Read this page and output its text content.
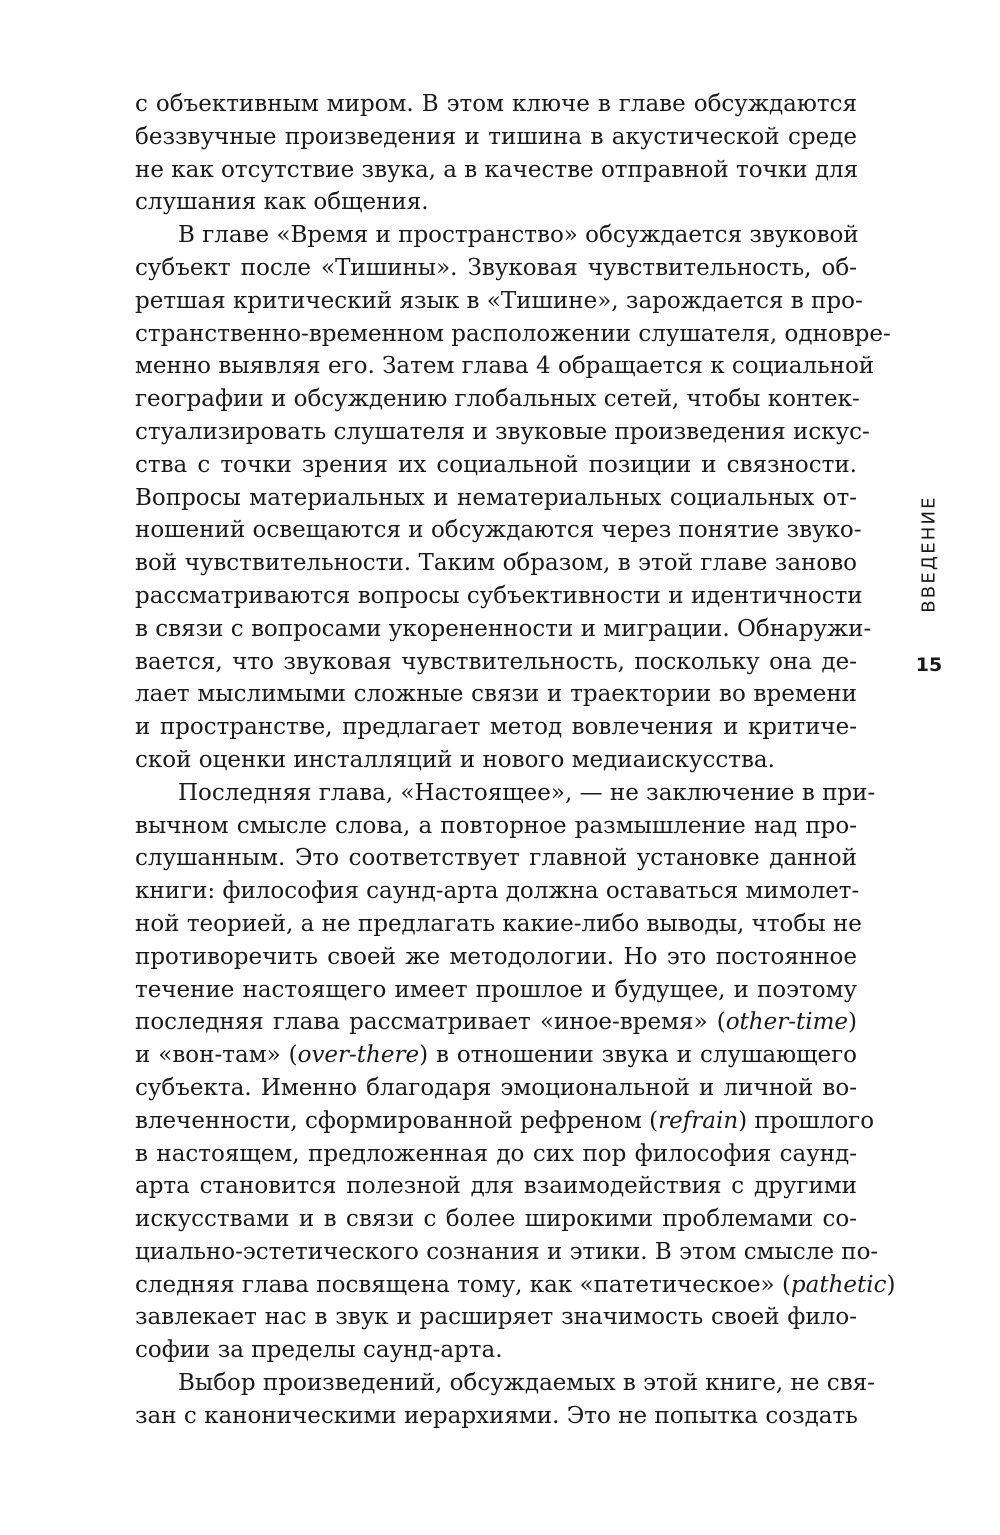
с объективным миром. В этом ключе в главе обсуждаются
беззвучные произведения и тишина в акустической среде
не как отсутствие звука, а в качестве отправной точки для
слушания как общения.
В главе «Время и пространство» обсуждается звуковой
субъект после «Тишины». Звуковая чувствительность, об-
ретшая критический язык в «Тишине», зарождается в про-
странственно-временном расположении слушателя, одновре-
менно выявляя его. Затем глава 4 обращается к социальной
географии и обсуждению глобальных сетей, чтобы контек-
стуализировать слушателя и звуковые произведения искус-
ства с точки зрения их социальной позиции и связности.
Вопросы материальных и нематериальных социальных от-
ношений освещаются и обсуждаются через понятие звуко-
вой чувствительности. Таким образом, в этой главе заново
рассматриваются вопросы субъективности и идентичности
в связи с вопросами укорененности и миграции. Обнаружи-
вается, что звуковая чувствительность, поскольку она де-
лает мыслимыми сложные связи и траектории во времени
и пространстве, предлагает метод вовлечения и критиче-
ской оценки инсталляций и нового медиаискусства.
Последняя глава, «Настоящее», — не заключение в при-
вычном смысле слова, а повторное размышление над про-
слушанным. Это соответствует главной установке данной
книги: философия саунд-арта должна оставаться мимолет-
ной теорией, а не предлагать какие-либо выводы, чтобы не
противоречить своей же методологии. Но это постоянное
течение настоящего имеет прошлое и будущее, и поэтому
последняя глава рассматривает «иное-время» (other-time)
и «вон-там» (over-there) в отношении звука и слушающего
субъекта. Именно благодаря эмоциональной и личной во-
влеченности, сформированной рефреном (refrain) прошлого
в настоящем, предложенная до сих пор философия саунд-
арта становится полезной для взаимодействия с другими
искусствами и в связи с более широкими проблемами со-
циально-эстетического сознания и этики. В этом смысле по-
следняя глава посвящена тому, как «патетическое» (pathetic)
завлекает нас в звук и расширяет значимость своей фило-
софии за пределы саунд-арта.
Выбор произведений, обсуждаемых в этой книге, не свя-
зан с каноническими иерархиями. Это не попытка создать
ВВЕДЕНИЕ
15
